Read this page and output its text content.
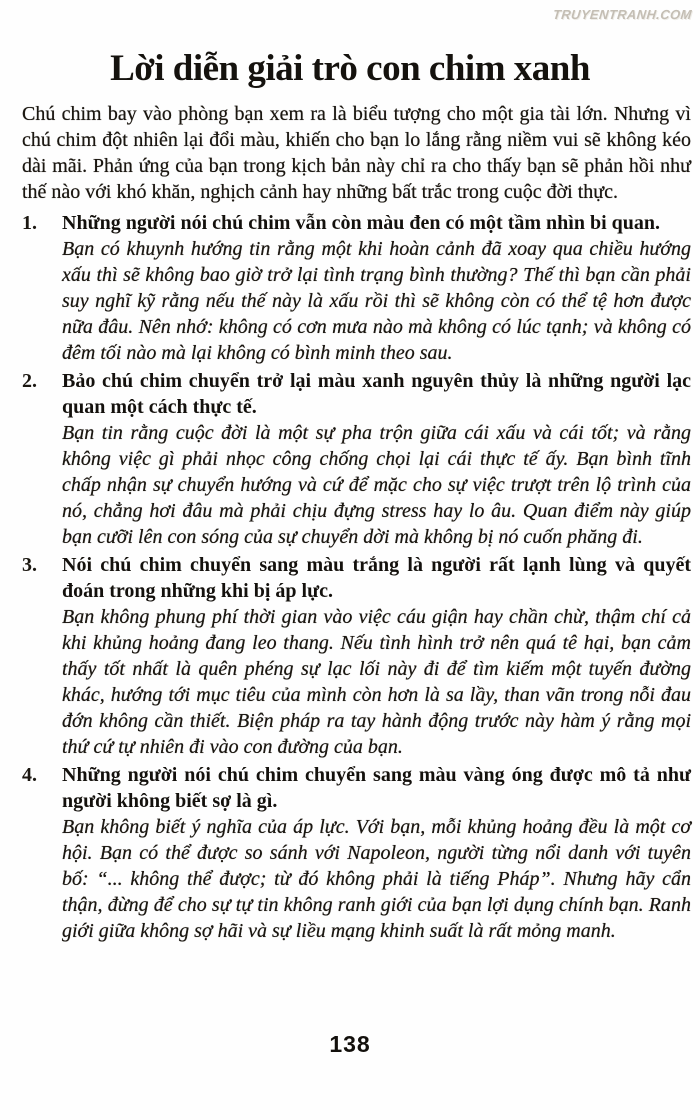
TRUYENTRANH.COM
Lời diễn giải trò con chim xanh

Chú chim bay vào phòng bạn xem ra là biểu tượng cho một gia tài lớn. Nhưng vì chú chim đột nhiên lại đổi màu, khiến cho bạn lo lắng rằng niềm vui sẽ không kéo dài mãi. Phản ứng của bạn trong kịch bản này chỉ ra cho thấy bạn sẽ phản hồi như thế nào với khó khăn, nghịch cảnh hay những bất trắc trong cuộc đời thực.

1.	Những người nói chú chim vẫn còn màu đen có một tầm nhìn bi quan.
Bạn có khuynh hướng tin rằng một khi hoàn cảnh đã xoay qua chiều hướng xấu thì sẽ không bao giờ trở lại tình trạng bình thường? Thế thì bạn cần phải suy nghĩ kỹ rằng nếu thế này là xấu rồi thì sẽ không còn có thể tệ hơn được nữa đâu. Nên nhớ: không có cơn mưa nào mà không có lúc tạnh; và không có đêm tối nào mà lại không có bình minh theo sau.
2.	Bảo chú chim chuyển trở lại màu xanh nguyên thủy là những người lạc quan một cách thực tế.
Bạn tin rằng cuộc đời là một sự pha trộn giữa cái xấu và cái tốt; và rằng không việc gì phải nhọc công chống chọi lại cái thực tế ấy. Bạn bình tĩnh chấp nhận sự chuyển hướng và cứ để mặc cho sự việc trượt trên lộ trình của nó, chẳng hơi đâu mà phải chịu đựng stress hay lo âu. Quan điểm này giúp bạn cưỡi lên con sóng của sự chuyển dời mà không bị nó cuốn phăng đi.
3.	Nói chú chim chuyển sang màu trắng là người rất lạnh lùng và quyết đoán trong những khi bị áp lực.
Bạn không phung phí thời gian vào việc cáu giận hay chần chừ, thậm chí cả khi khủng hoảng đang leo thang. Nếu tình hình trở nên quá tê hại, bạn cảm thấy tốt nhất là quên phéng sự lạc lối này đi để tìm kiếm một tuyến đường khác, hướng tới mục tiêu của mình còn hơn là sa lầy, than vãn trong nỗi đau đớn không cần thiết. Biện pháp ra tay hành động trước này hàm ý rằng mọi thứ cứ tự nhiên đi vào con đường của bạn.
4.	Những người nói chú chim chuyển sang màu vàng óng được mô tả như người không biết sợ là gì.
Bạn không biết ý nghĩa của áp lực. Với bạn, mỗi khủng hoảng đều là một cơ hội. Bạn có thể được so sánh với Napoleon, người từng nổi danh với tuyên bố: “... không thể được; từ đó không phải là tiếng Pháp”. Nhưng hãy cẩn thận, đừng để cho sự tự tin không ranh giới của bạn lợi dụng chính bạn. Ranh giới giữa không sợ hãi và sự liều mạng khinh suất là rất mỏng manh.
138
